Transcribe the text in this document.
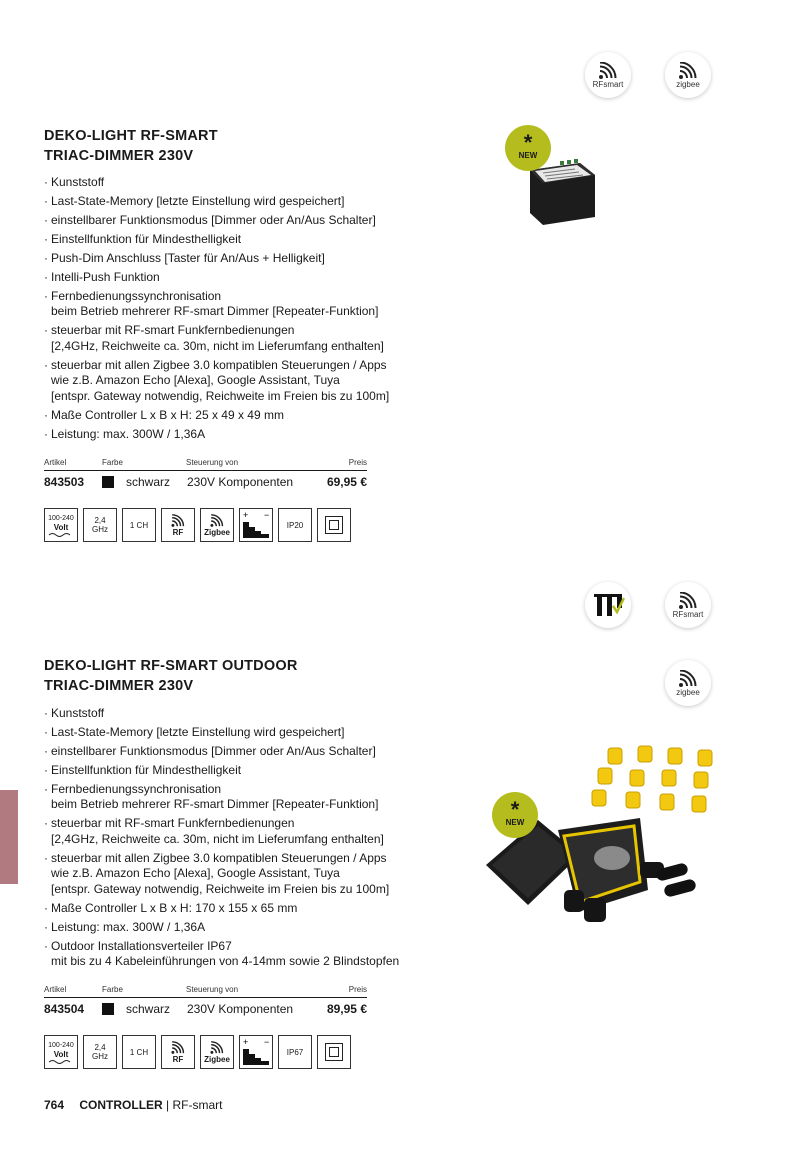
RFsmart	zigbee
DEKO-LIGHT RF-SMART
TRIAC-DIMMER 230V
· Kunststoff
· Last-State-Memory [letzte Einstellung wird gespeichert]
· einstellbarer Funktionsmodus [Dimmer oder An/Aus Schalter]
· Einstellfunktion für Mindesthelligkeit
· Push-Dim Anschluss [Taster für An/Aus + Helligkeit]
· Intelli-Push Funktion
· Fernbedienungssynchronisation
beim Betrieb mehrerer RF-smart Dimmer [Repeater-Funktion]
· steuerbar mit RF-smart Funkfernbedienungen
[2,4GHz, Reichweite ca. 30m, nicht im Lieferumfang enthalten]
· steuerbar mit allen Zigbee 3.0 kompatiblen Steuerungen / Apps
wie z.B. Amazon Echo [Alexa], Google Assistant, Tuya
[entspr. Gateway notwendig, Reichweite im Freien bis zu 100m]
· Maße Controller L x B x H: 25 x 49 x 49 mm
· Leistung: max. 300W / 1,36A
*
NEW
Artikel	Farbe	Steuerung von	Preis
843503	schwarz 230V Komponenten	69,95 €
100-240
Volt
2,4
GHz	1 CH
RF	Zigbee
+ −
IP20
RFsmart
zigbee
DEKO-LIGHT RF-SMART OUTDOOR
TRIAC-DIMMER 230V
· Kunststoff
· Last-State-Memory [letzte Einstellung wird gespeichert]
· einstellbarer Funktionsmodus [Dimmer oder An/Aus Schalter]
· Einstellfunktion für Mindesthelligkeit
· Fernbedienungssynchronisation
beim Betrieb mehrerer RF-smart Dimmer [Repeater-Funktion]
· steuerbar mit RF-smart Funkfernbedienungen
[2,4GHz, Reichweite ca. 30m, nicht im Lieferumfang enthalten]
· steuerbar mit allen Zigbee 3.0 kompatiblen Steuerungen / Apps
wie z.B. Amazon Echo [Alexa], Google Assistant, Tuya
[entspr. Gateway notwendig, Reichweite im Freien bis zu 100m]
· Maße Controller L x B x H: 170 x 155 x 65 mm
· Leistung: max. 300W / 1,36A
· Outdoor Installationsverteiler IP67
mit bis zu 4 Kabeleinführungen von 4-14mm sowie 2 Blindstopfen
*
NEW
Artikel	Farbe	Steuerung von	Preis
843504	schwarz 230V Komponenten	89,95 €
100-240
Volt
2,4
GHz	1 CH
RF	Zigbee
+ −
IP67
764 CONTROLLER | RF-smart
